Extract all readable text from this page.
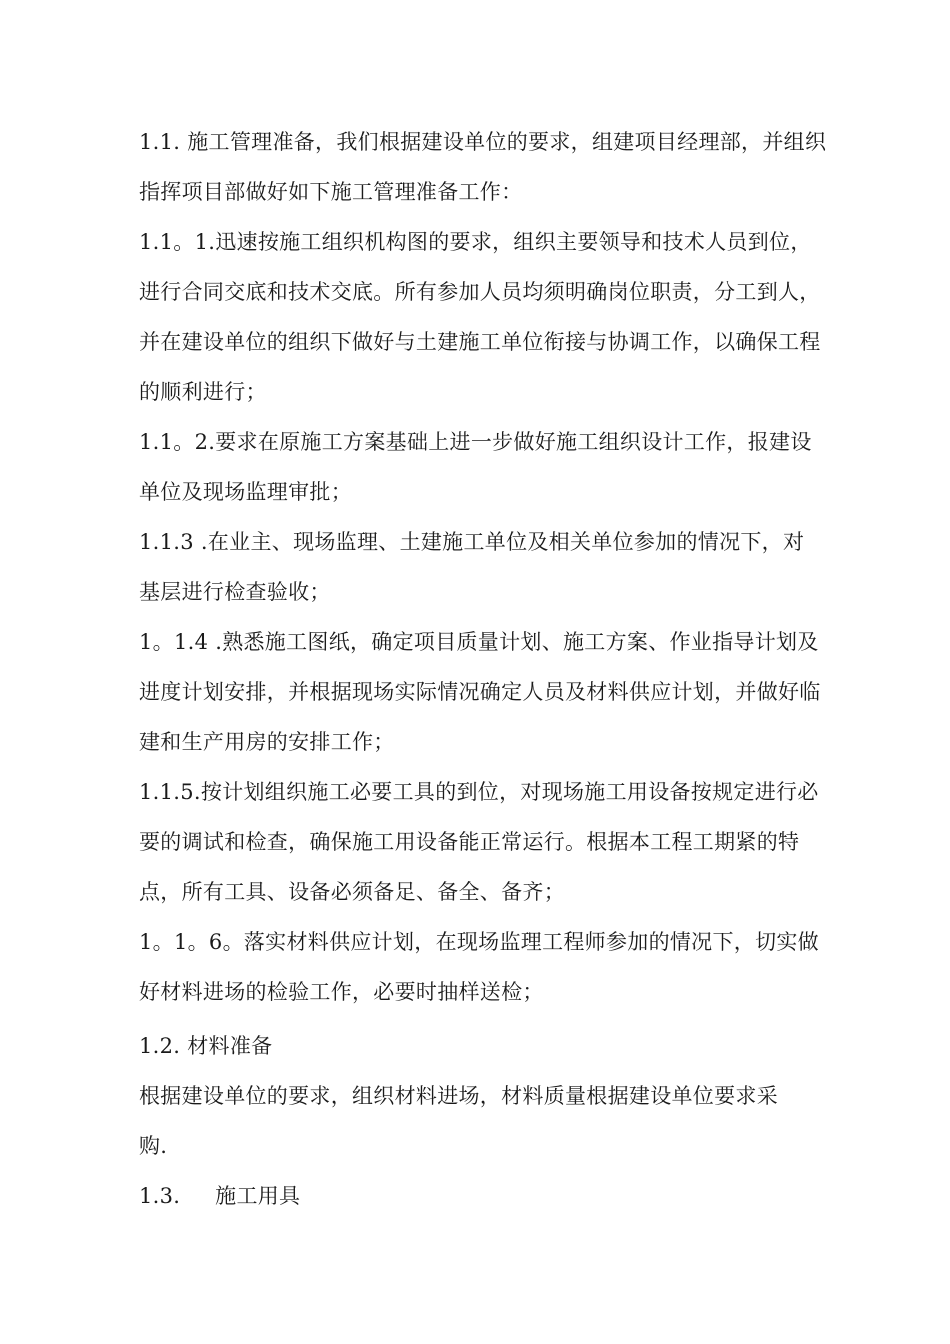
1.1. 施工管理准备，我们根据建设单位的要求，组建项目经理部，并组织
指挥项目部做好如下施工管理准备工作：
1.1。1.迅速按施工组织机构图的要求，组织主要领导和技术人员到位，
进行合同交底和技术交底。所有参加人员均须明确岗位职责，分工到人，
并在建设单位的组织下做好与土建施工单位衔接与协调工作，以确保工程
的顺利进行；
1.1。2.要求在原施工方案基础上进一步做好施工组织设计工作，报建设
单位及现场监理审批；
1.1.3 .在业主、现场监理、土建施工单位及相关单位参加的情况下，对
基层进行检查验收；
1。1.4 .熟悉施工图纸，确定项目质量计划、施工方案、作业指导计划及
进度计划安排，并根据现场实际情况确定人员及材料供应计划，并做好临
建和生产用房的安排工作；
1.1.5.按计划组织施工必要工具的到位，对现场施工用设备按规定进行必
要的调试和检查，确保施工用设备能正常运行。根据本工程工期紧的特
点，所有工具、设备必须备足、备全、备齐；
1。1。6。落实材料供应计划，在现场监理工程师参加的情况下，切实做
好材料进场的检验工作，必要时抽样送检；
1.2. 材料准备
根据建设单位的要求，组织材料进场，材料质量根据建设单位要求采
购.
1.3.     施工用具
